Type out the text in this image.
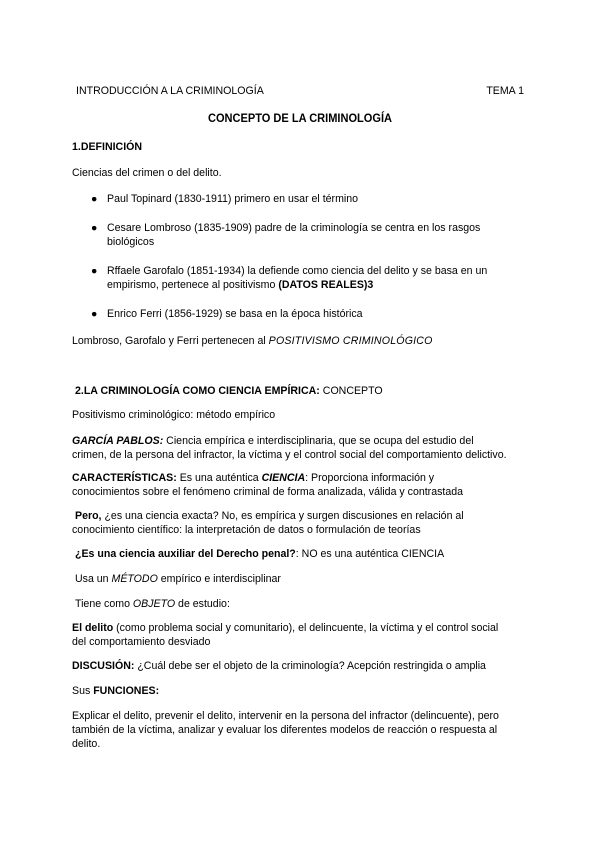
INTRODUCCIÓN A LA CRIMINOLOGÍA	TEMA 1
CONCEPTO DE LA CRIMINOLOGÍA
1.DEFINICIÓN
Ciencias del crimen o del delito.
● Paul Topinard (1830-1911) primero en usar el término
● Cesare Lombroso (1835-1909) padre de la criminología se centra en los rasgos
biológicos
● Rffaele Garofalo (1851-1934) la defiende como ciencia del delito y se basa en un
empirismo, pertenece al positivismo (DATOS REALES)3
● Enrico Ferri (1856-1929) se basa en la época histórica
Lombroso, Garofalo y Ferri pertenecen al POSITIVISMO CRIMINOLÓGICO
2.LA CRIMINOLOGÍA COMO CIENCIA EMPÍRICA: CONCEPTO
Positivismo criminológico: método empírico
GARCÍA PABLOS: Ciencia empírica e interdisciplinaria, que se ocupa del estudio del
crimen, de la persona del infractor, la víctima y el control social del comportamiento delictivo.
CARACTERÍSTICAS: Es una auténtica CIENCIA: Proporciona información y
conocimientos sobre el fenómeno criminal de forma analizada, válida y contrastada
Pero, ¿es una ciencia exacta? No, es empírica y surgen discusiones en relación al
conocimiento científico: la interpretación de datos o formulación de teorías
¿Es una ciencia auxiliar del Derecho penal?: NO es una auténtica CIENCIA
Usa un MÉTODO empírico e interdisciplinar
Tiene como OBJETO de estudio:
El delito (como problema social y comunitario), el delincuente, la víctima y el control social
del comportamiento desviado
DISCUSIÓN: ¿Cuál debe ser el objeto de la criminología? Acepción restringida o amplia
Sus FUNCIONES:
Explicar el delito, prevenir el delito, intervenir en la persona del infractor (delincuente), pero
también de la víctima, analizar y evaluar los diferentes modelos de reacción o respuesta al
delito.
